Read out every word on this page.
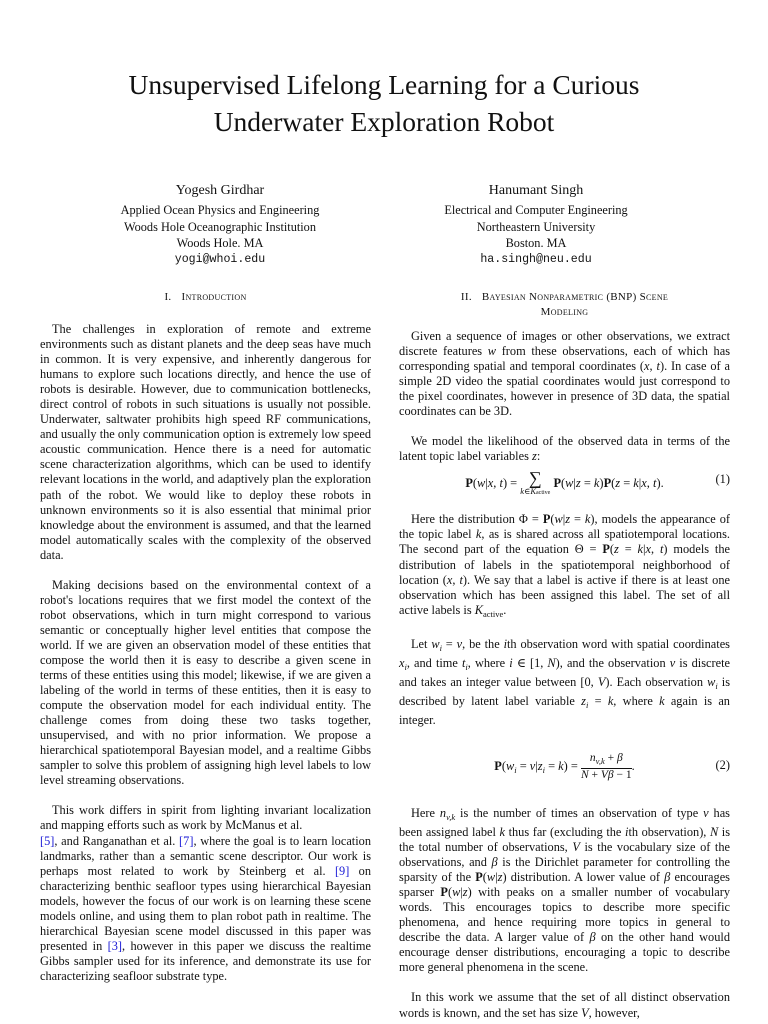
Unsupervised Lifelong Learning for a Curious
Underwater Exploration Robot
Yogesh Girdhar
Applied Ocean Physics and Engineering
Woods Hole Oceanographic Institution
Woods Hole. MA
yogi@whoi.edu
Hanumant Singh
Electrical and Computer Engineering
Northeastern University
Boston. MA
ha.singh@neu.edu
I. Introduction

The challenges in exploration of remote and extreme environments such as distant planets and the deep seas have much in common. It is very expensive, and inherently dangerous for humans to explore such locations directly, and hence the use of robots is desirable. However, due to communication bottlenecks, direct control of robots in such situations is usually not possible. Underwater, saltwater prohibits high speed RF communications, and usually the only communication option is extremely low speed acoustic communication. Hence there is a need for automatic scene characterization algorithms, which can be used to identify relevant locations in the world, and adaptively plan the exploration path of the robot. We would like to deploy these robots in unknown environments so it is also essential that minimal prior knowledge about the environment is assumed, and that the learned model automatically scales with the complexity of the observed data.

Making decisions based on the environmental context of a robot's locations requires that we first model the context of the robot observations, which in turn might correspond to various semantic or conceptually higher level entities that compose the world. If we are given an observation model of these entities that compose the world then it is easy to describe a given scene in terms of these entities using this model; likewise, if we are given a labeling of the world in terms of these entities, then it is easy to compute the observation model for each individual entity. The challenge comes from doing these two tasks together, unsupervised, and with no prior information. We propose a hierarchical spatiotemporal Bayesian model, and a realtime Gibbs sampler to solve this problem of assigning high level labels to low level streaming observations.

This work differs in spirit from lighting invariant localization and mapping efforts such as work by McManus et al.
[5], and Ranganathan et al. [7], where the goal is to learn location landmarks, rather than a semantic scene descriptor. Our work is perhaps most related to work by Steinberg et al. [9] on characterizing benthic seafloor types using hierarchical Bayesian models, however the focus of our work is on learning these scene models online, and using them to plan robot path in realtime. The hierarchical Bayesian scene model discussed in this paper was presented in [3], however in this paper we discuss the realtime Gibbs sampler used for its inference, and demonstrate its use for characterizing seafloor substrate type.

II. Bayesian Nonparametric (BNP) Scene
Modeling

Given a sequence of images or other observations, we extract discrete features w from these observations, each of which has corresponding spatial and temporal coordinates (x, t). In case of a simple 2D video the spatial coordinates would just correspond to the pixel coordinates, however in presence of 3D data, the spatial coordinates can be 3D.

We model the likelihood of the observed data in terms of the latent topic label variables z:

P(w|x, t) = ∑
k∈Kactive
P(w|z = k)P(z = k|x, t).	(1)

Here the distribution Φ = P(w|z = k), models the appearance of the topic label k, as is shared across all spatiotemporal locations. The second part of the equation Θ = P(z = k|x, t) models the distribution of labels in the spatiotemporal neighborhood of location (x, t). We say that a label is active if there is at least one observation which has been assigned this label. The set of all active labels is $K_{active}$.

Let $w_i = v$, be the ith observation word with spatial coordinates $x_i$, and time $t_i$, where i ∈ [1, N), and the observation v is discrete and takes an integer value between [0, V). Each observation $w_i$ is described by latent label variable $z_i = k$, where k again is an integer.

$P(w_i = v|z_i = k) = \frac{n_{v,k} + \beta}{N + V\beta - 1}$ .	(2)

Here $n_{v,k}$ is the number of times an observation of type v has been assigned label k thus far (excluding the ith observation), N is the total number of observations, V is the vocabulary size of the observations, and β is the Dirichlet parameter for controlling the sparsity of the P(w|z) distribution. A lower value of β encourages sparser P(w|z) with peaks on a smaller number of vocabulary words. This encourages topics to describe more specific phenomena, and hence requiring more topics in general to describe the data. A larger value of β on the other hand would encourage denser distributions, encouraging a topic to describe more general phenomena in the scene.

In this work we assume that the set of all distinct observation words is known, and the set has size V, however,
